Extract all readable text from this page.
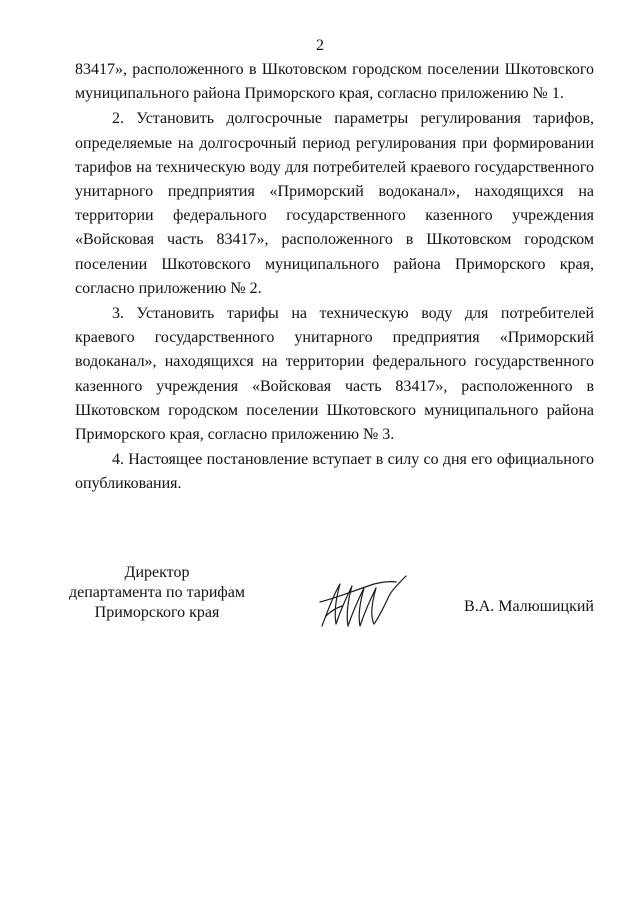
2

83417», расположенного в Шкотовском городском поселении Шкотовского муниципального района Приморского края, согласно приложению № 1.

2. Установить долгосрочные параметры регулирования тарифов, определяемые на долгосрочный период регулирования при формировании тарифов на техническую воду для потребителей краевого государственного унитарного предприятия «Приморский водоканал», находящихся на территории федерального государственного казенного учреждения «Войсковая часть 83417», расположенного в Шкотовском городском поселении Шкотовского муниципального района Приморского края, согласно приложению № 2.

3. Установить тарифы на техническую воду для потребителей краевого государственного унитарного предприятия «Приморский водоканал», находящихся на территории федерального государственного казенного учреждения «Войсковая часть 83417», расположенного в Шкотовском городском поселении Шкотовского муниципального района Приморского края, согласно приложению № 3.

4. Настоящее постановление вступает в силу со дня его официального опубликования.

Директор
департамента по тарифам
Приморского края	В.А. Малюшицкий
